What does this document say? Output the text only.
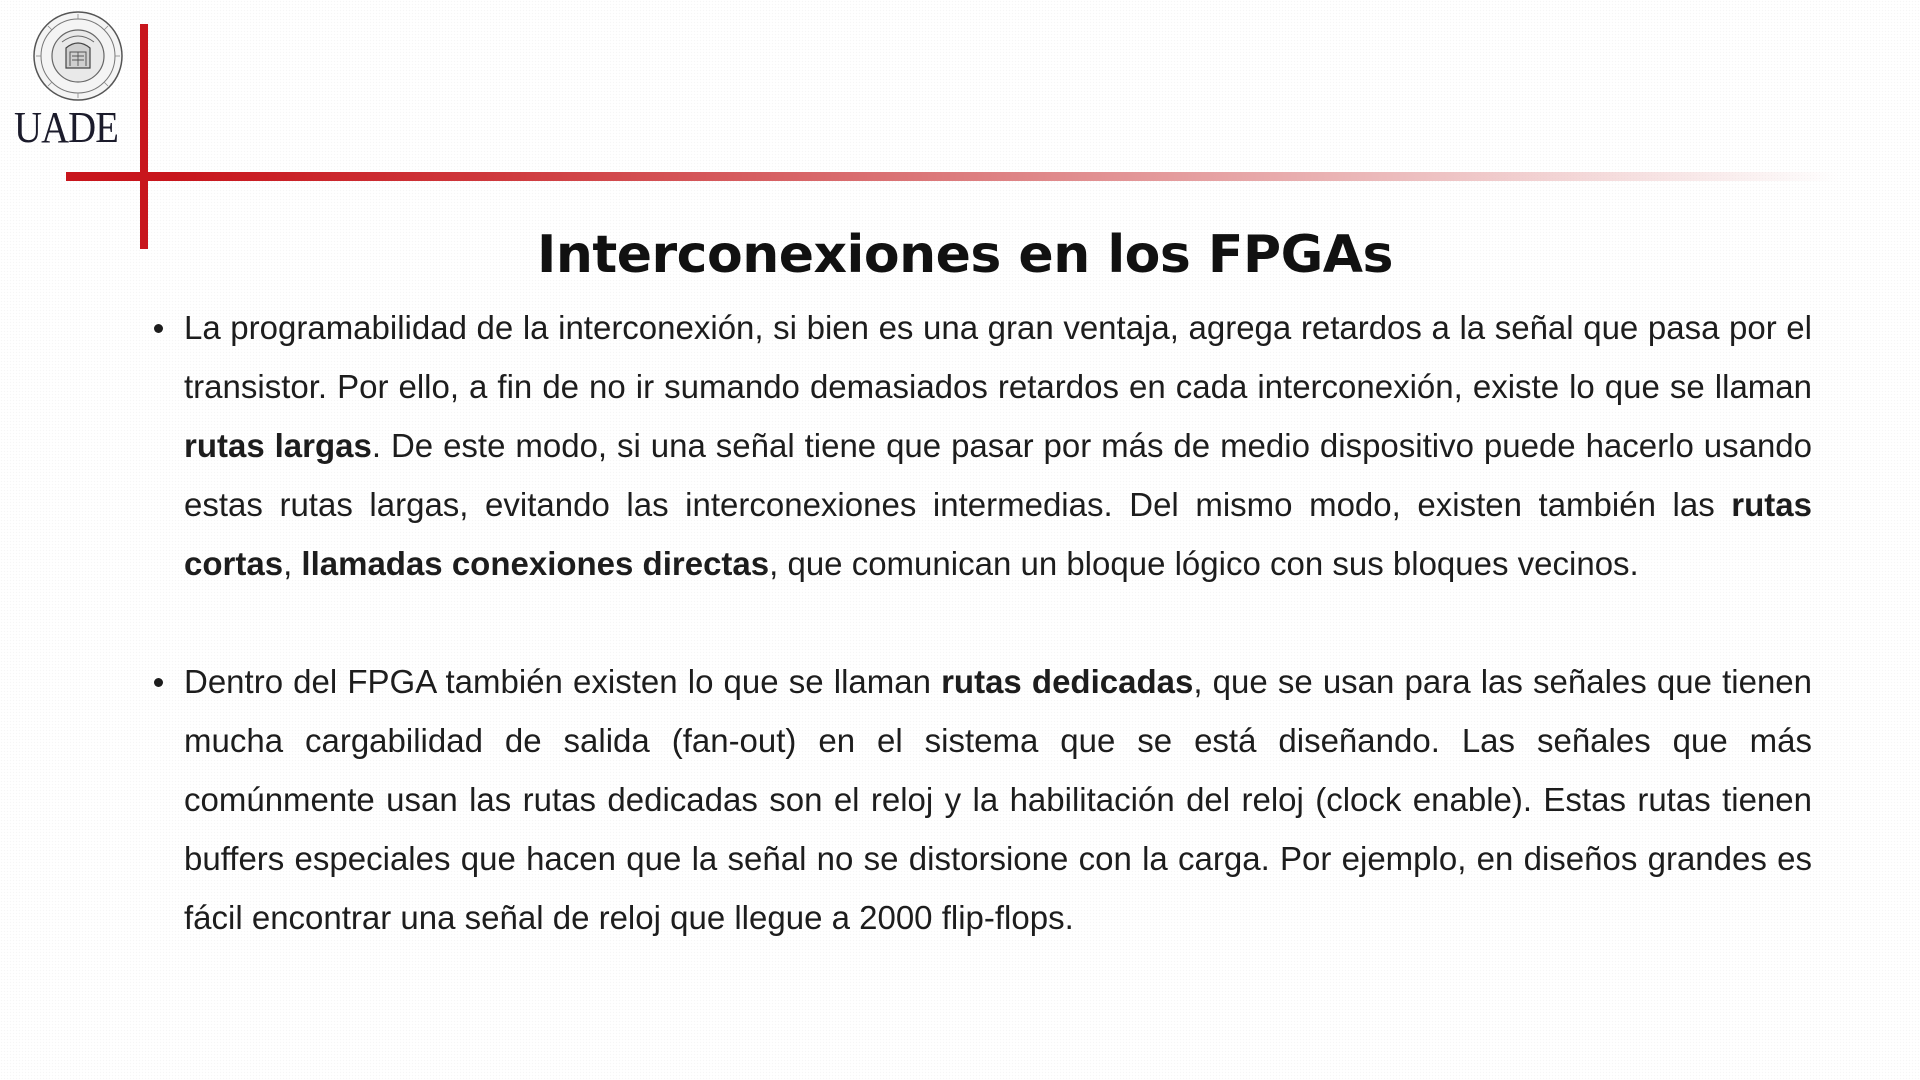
UADE
Interconexiones en los FPGAs
La programabilidad de la interconexión, si bien es una gran ventaja, agrega retardos a la señal que pasa por el transistor. Por ello, a fin de no ir sumando demasiados retardos en cada interconexión, existe lo que se llaman rutas largas. De este modo, si una señal tiene que pasar por más de medio dispositivo puede hacerlo usando estas rutas largas, evitando las interconexiones intermedias. Del mismo modo, existen también las rutas cortas, llamadas conexiones directas, que comunican un bloque lógico con sus bloques vecinos.
Dentro del FPGA también existen lo que se llaman rutas dedicadas, que se usan para las señales que tienen mucha cargabilidad de salida (fan-out) en el sistema que se está diseñando. Las señales que más comúnmente usan las rutas dedicadas son el reloj y la habilitación del reloj (clock enable). Estas rutas tienen buffers especiales que hacen que la señal no se distorsione con la carga. Por ejemplo, en diseños grandes es fácil encontrar una señal de reloj que llegue a 2000 flip-flops.
